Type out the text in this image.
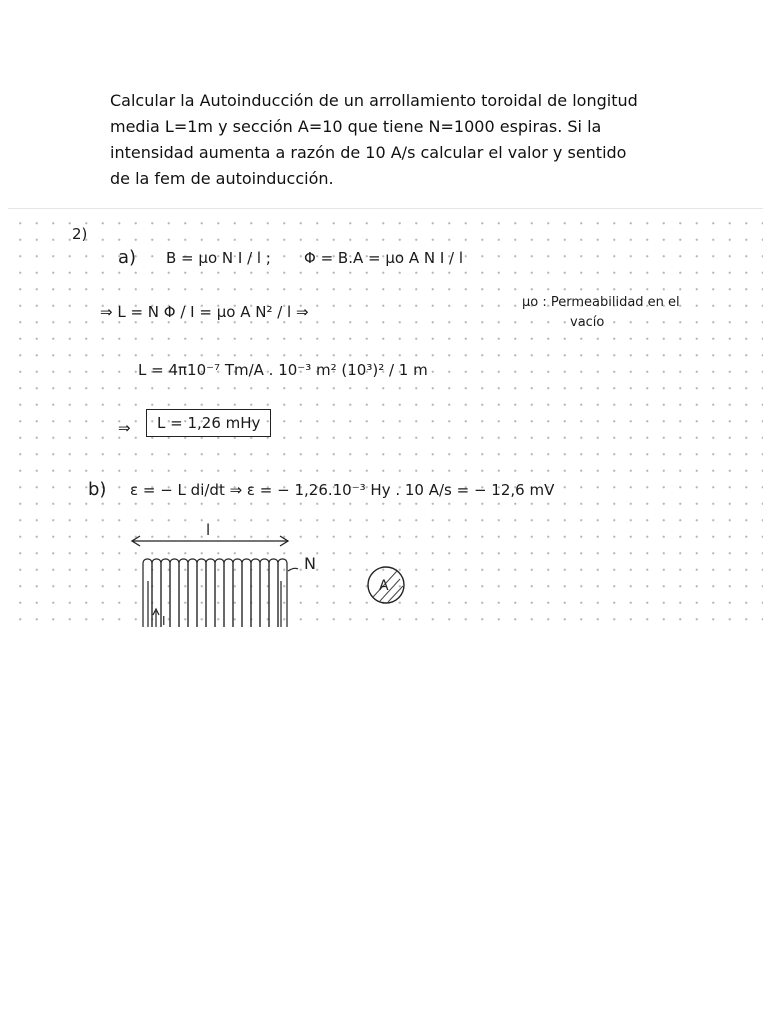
Calcular la Autoinducción de un arrollamiento toroidal de longitud
media L=1m y sección A=10 que tiene N=1000 espiras. Si la
intensidad aumenta a razón de 10 A/s calcular el valor y sentido
de la fem de autoinducción.
2)
a) B = μo N I / l ; Φ = B.A = μo A N I / l
⇒ L = N Φ / I = μo A N² / l ⇒
μo : Permeabilidad en el
vacío
L = 4π10⁻⁷ Tm/A . 10⁻³ m² (10³)² / 1 m
⇒	L = 1,26 mHy
b) ε = − L di/dt ⇒ ε = − 1,26.10⁻³ Hy . 10 A/s = − 12,6 mV
l
I
N
A
